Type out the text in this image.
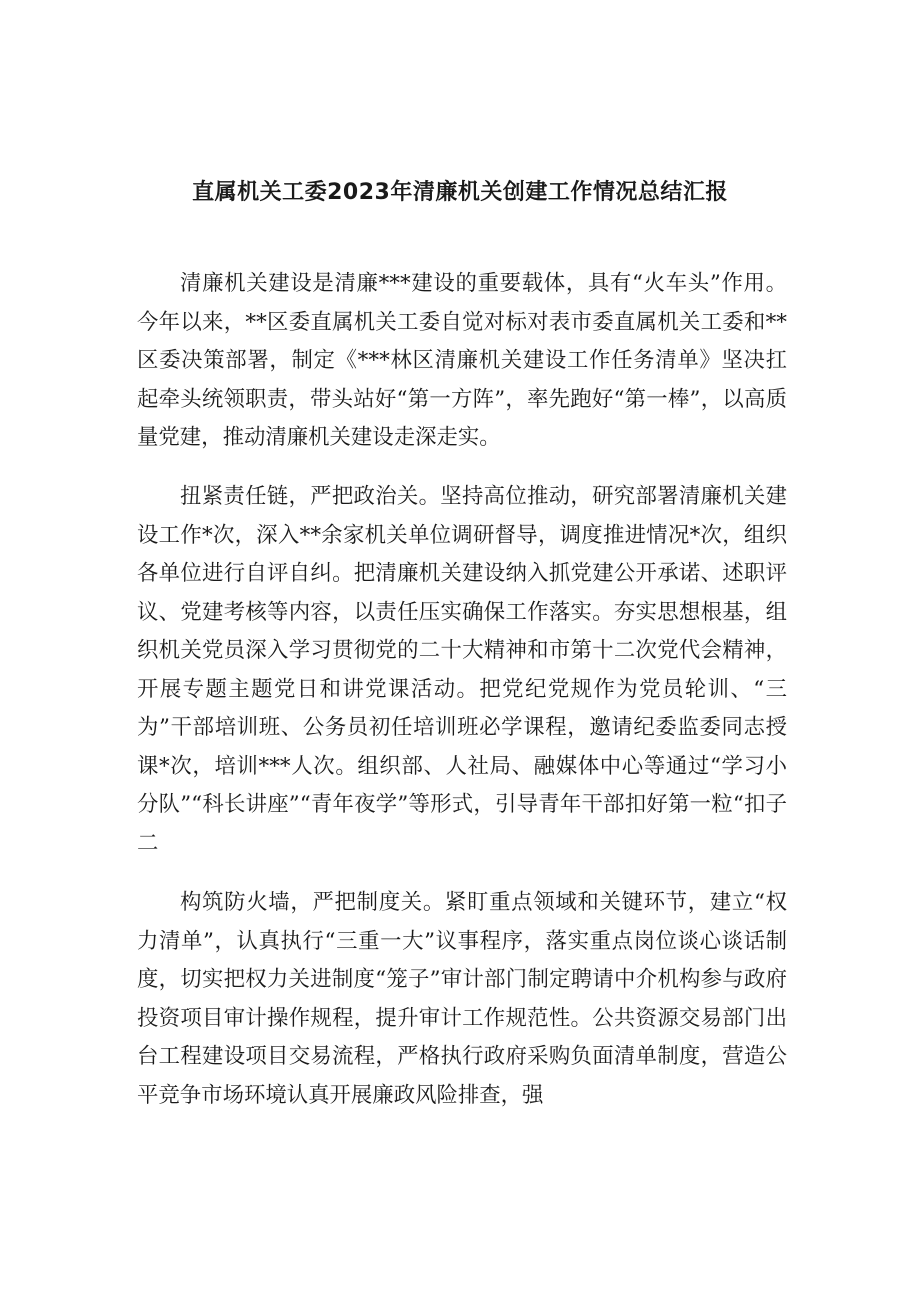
直属机关工委2023年清廉机关创建工作情况总结汇报

清廉机关建设是清廉***建设的重要载体，具有“火车头”作用。今年以来，**区委直属机关工委自觉对标对表市委直属机关工委和**区委决策部署，制定《***林区清廉机关建设工作任务清单》坚决扛起牵头统领职责，带头站好“第一方阵”，率先跑好“第一棒”，以高质量党建，推动清廉机关建设走深走实。

扭紧责任链，严把政治关。坚持高位推动，研究部署清廉机关建设工作*次，深入**余家机关单位调研督导，调度推进情况*次，组织各单位进行自评自纠。把清廉机关建设纳入抓党建公开承诺、述职评议、党建考核等内容，以责任压实确保工作落实。夯实思想根基，组织机关党员深入学习贯彻党的二十大精神和市第十二次党代会精神，开展专题主题党日和讲党课活动。把党纪党规作为党员轮训、“三为”干部培训班、公务员初任培训班必学课程，邀请纪委监委同志授课*次，培训***人次。组织部、人社局、融媒体中心等通过“学习小分队”“科长讲座”“青年夜学”等形式，引导青年干部扣好第一粒“扣子二

构筑防火墙，严把制度关。紧盯重点领域和关键环节，建立“权力清单”，认真执行“三重一大”议事程序，落实重点岗位谈心谈话制度，切实把权力关进制度“笼子”审计部门制定聘请中介机构参与政府投资项目审计操作规程，提升审计工作规范性。公共资源交易部门出台工程建设项目交易流程，严格执行政府采购负面清单制度，营造公平竞争市场环境认真开展廉政风险排查，强
